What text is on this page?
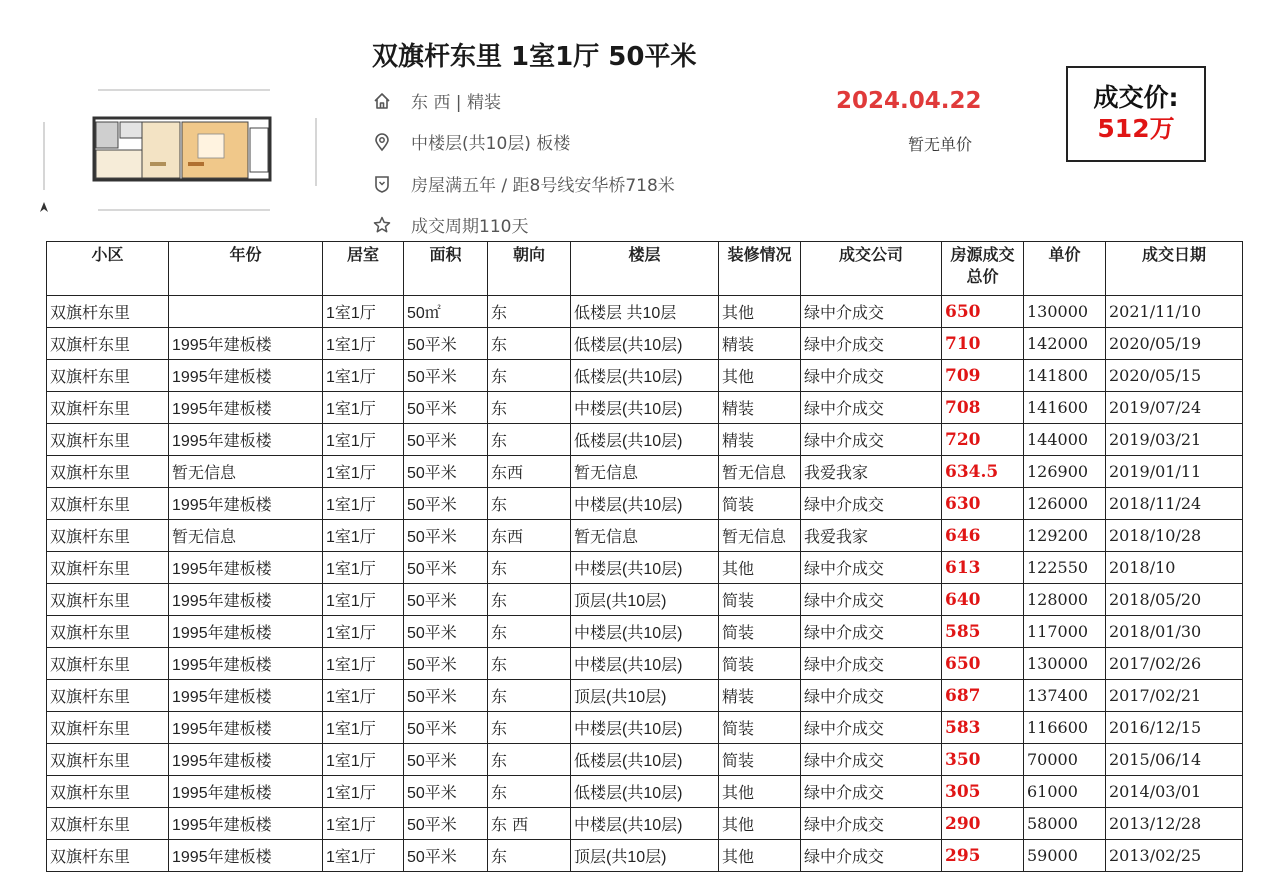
双旗杆东里 1室1厅 50平米
东 西 | 精装
中楼层(共10层) 板楼
房屋满五年 / 距8号线安华桥718米
成交周期110天
2024.04.22
暂无单价
成交价:
512万
小区	年份	居室	面积	朝向	楼层	装修情况	成交公司	房源成交总价	单价	成交日期
双旗杆东里		1室1厅	50㎡	东	低楼层 共10层	其他	绿中介成交	650	130000	2021/11/10
双旗杆东里	1995年建板楼	1室1厅	50平米	东	低楼层(共10层)	精装	绿中介成交	710	142000	2020/05/19
双旗杆东里	1995年建板楼	1室1厅	50平米	东	低楼层(共10层)	其他	绿中介成交	709	141800	2020/05/15
双旗杆东里	1995年建板楼	1室1厅	50平米	东	中楼层(共10层)	精装	绿中介成交	708	141600	2019/07/24
双旗杆东里	1995年建板楼	1室1厅	50平米	东	低楼层(共10层)	精装	绿中介成交	720	144000	2019/03/21
双旗杆东里	暂无信息	1室1厅	50平米	东西	暂无信息	暂无信息	我爱我家	634.5	126900	2019/01/11
双旗杆东里	1995年建板楼	1室1厅	50平米	东	中楼层(共10层)	简装	绿中介成交	630	126000	2018/11/24
双旗杆东里	暂无信息	1室1厅	50平米	东西	暂无信息	暂无信息	我爱我家	646	129200	2018/10/28
双旗杆东里	1995年建板楼	1室1厅	50平米	东	中楼层(共10层)	其他	绿中介成交	613	122550	2018/10
双旗杆东里	1995年建板楼	1室1厅	50平米	东	顶层(共10层)	简装	绿中介成交	640	128000	2018/05/20
双旗杆东里	1995年建板楼	1室1厅	50平米	东	中楼层(共10层)	简装	绿中介成交	585	117000	2018/01/30
双旗杆东里	1995年建板楼	1室1厅	50平米	东	中楼层(共10层)	简装	绿中介成交	650	130000	2017/02/26
双旗杆东里	1995年建板楼	1室1厅	50平米	东	顶层(共10层)	精装	绿中介成交	687	137400	2017/02/21
双旗杆东里	1995年建板楼	1室1厅	50平米	东	中楼层(共10层)	简装	绿中介成交	583	116600	2016/12/15
双旗杆东里	1995年建板楼	1室1厅	50平米	东	低楼层(共10层)	简装	绿中介成交	350	70000	2015/06/14
双旗杆东里	1995年建板楼	1室1厅	50平米	东	低楼层(共10层)	其他	绿中介成交	305	61000	2014/03/01
双旗杆东里	1995年建板楼	1室1厅	50平米	东 西	中楼层(共10层)	其他	绿中介成交	290	58000	2013/12/28
双旗杆东里	1995年建板楼	1室1厅	50平米	东	顶层(共10层)	其他	绿中介成交	295	59000	2013/02/25
